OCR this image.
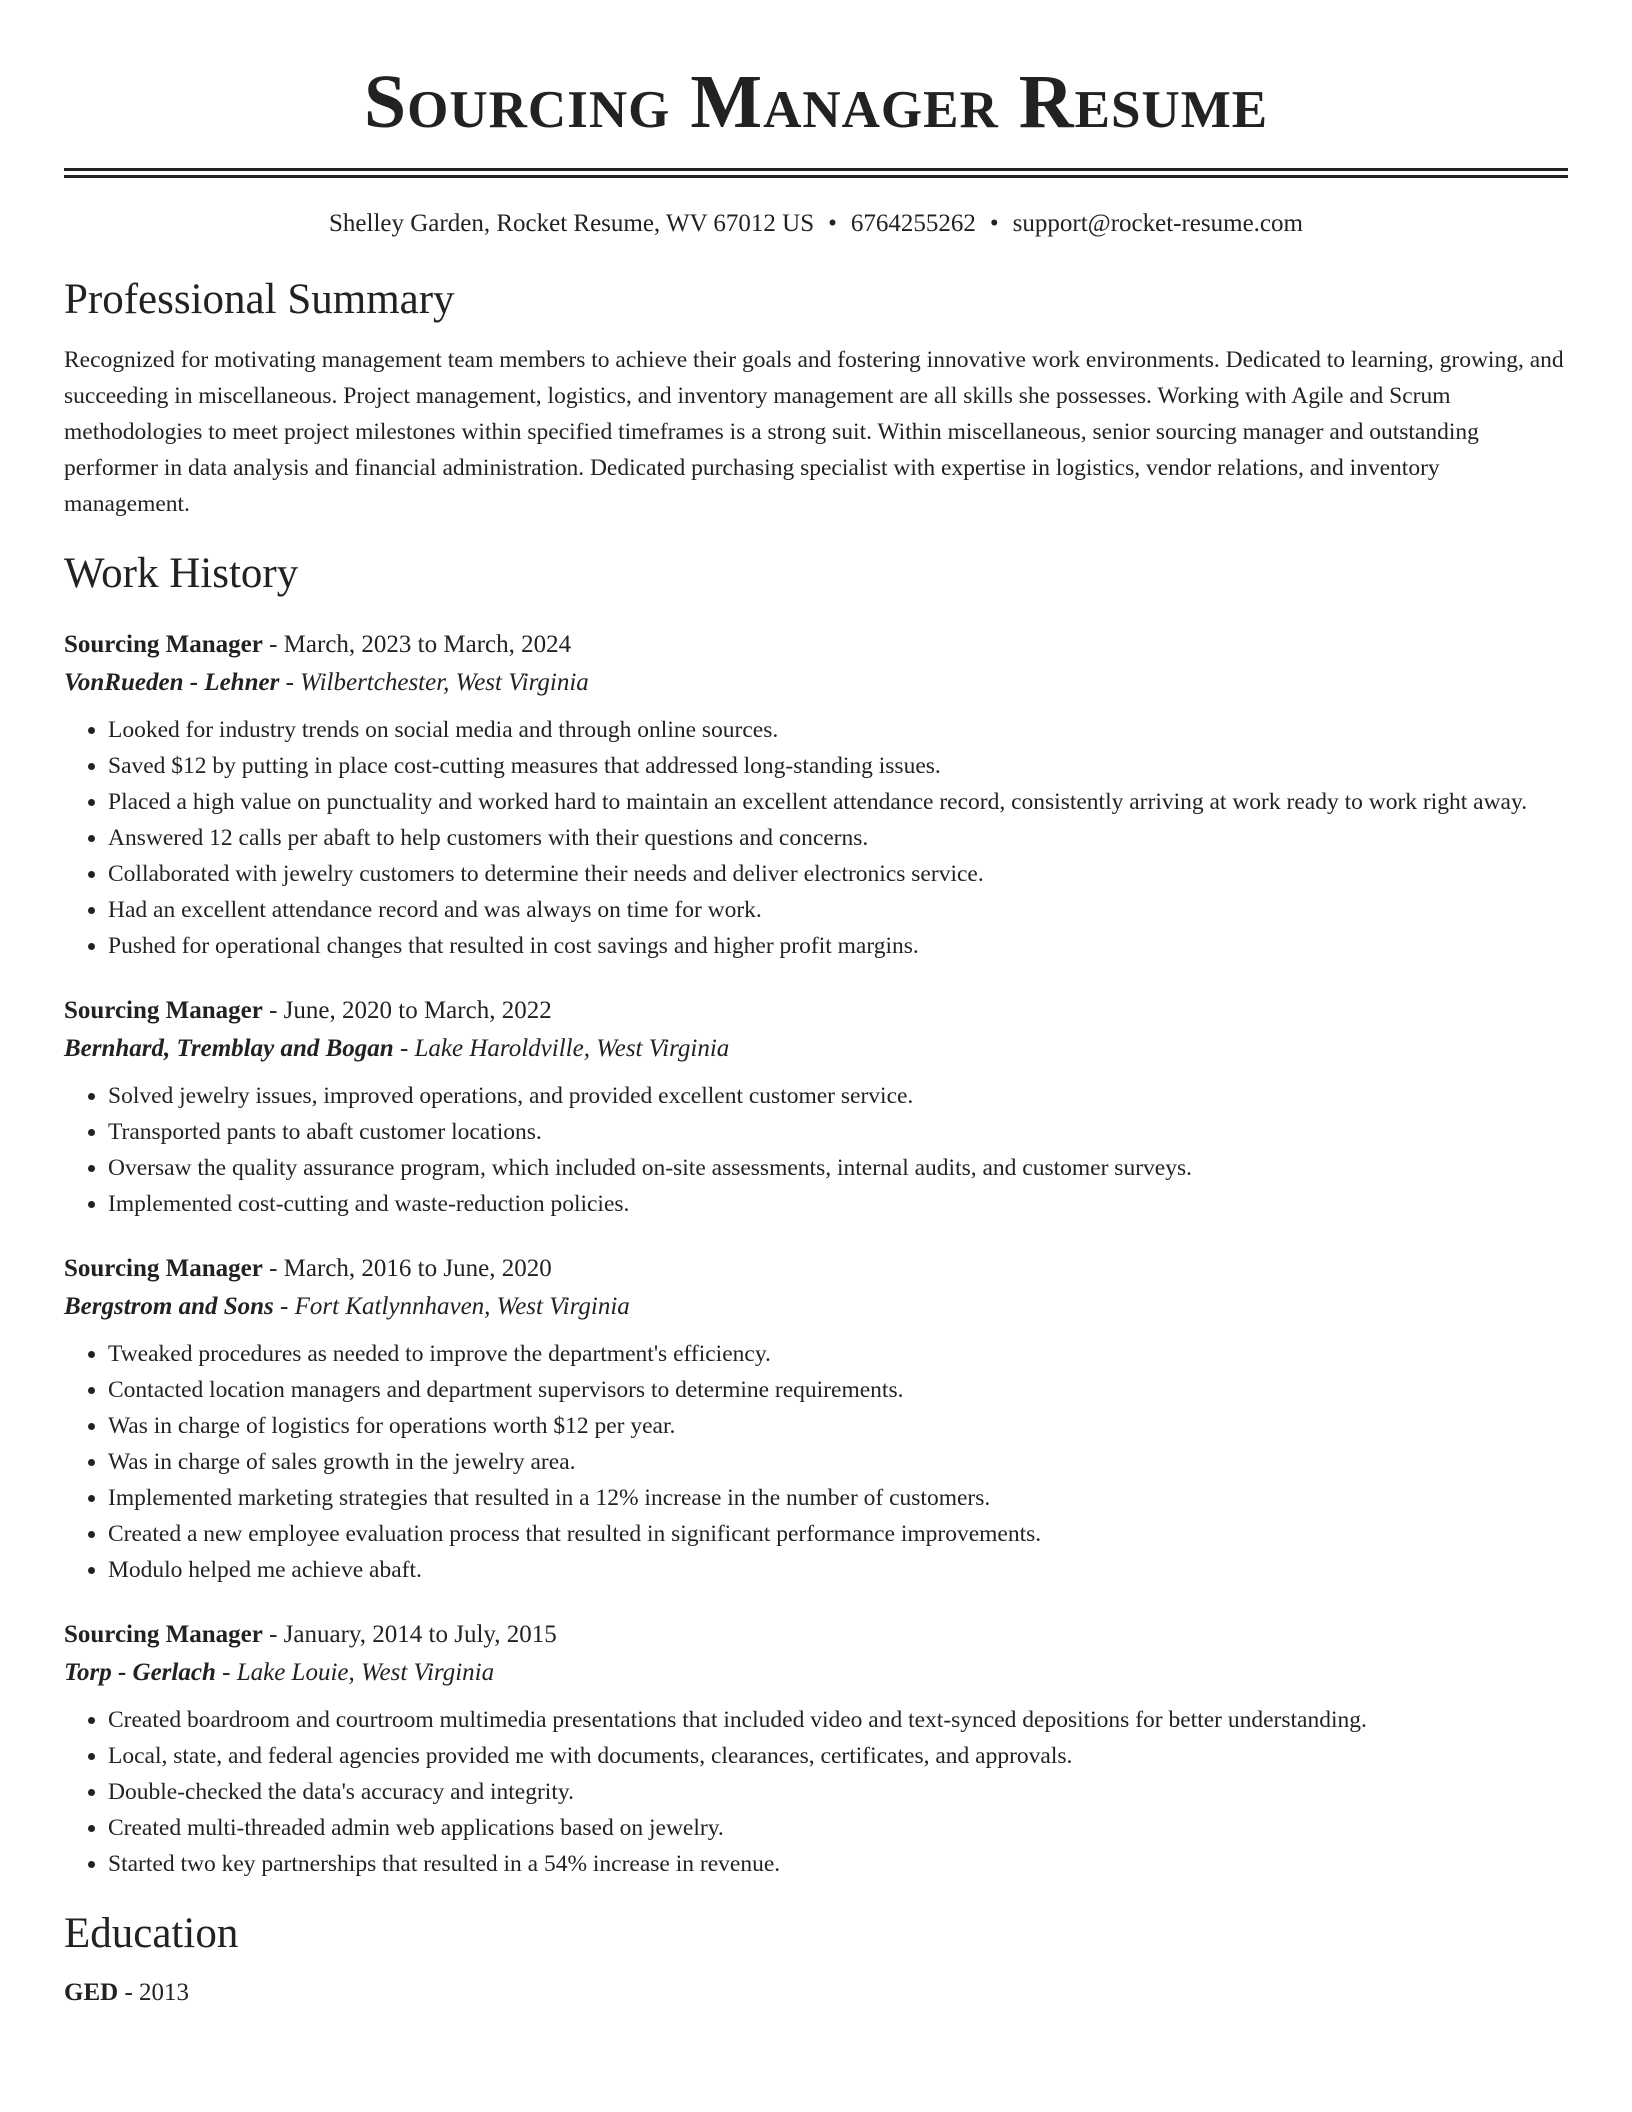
Sourcing Manager Resume
Shelley Garden, Rocket Resume, WV 67012 US • 6764255262 • support@rocket-resume.com
Professional Summary

Recognized for motivating management team members to achieve their goals and fostering innovative work environments. Dedicated to learning, growing, and succeeding in miscellaneous. Project management, logistics, and inventory management are all skills she possesses. Working with Agile and Scrum methodologies to meet project milestones within specified timeframes is a strong suit. Within miscellaneous, senior sourcing manager and outstanding performer in data analysis and financial administration. Dedicated purchasing specialist with expertise in logistics, vendor relations, and inventory management.

Work History
Sourcing Manager - March, 2023 to March, 2024
VonRueden - Lehner - Wilbertchester, West Virginia
• Looked for industry trends on social media and through online sources.
• Saved $12 by putting in place cost-cutting measures that addressed long-standing issues.
• Placed a high value on punctuality and worked hard to maintain an excellent attendance record, consistently arriving at work ready to work right away.
• Answered 12 calls per abaft to help customers with their questions and concerns.
• Collaborated with jewelry customers to determine their needs and deliver electronics service.
• Had an excellent attendance record and was always on time for work.
• Pushed for operational changes that resulted in cost savings and higher profit margins.
Sourcing Manager - June, 2020 to March, 2022
Bernhard, Tremblay and Bogan - Lake Haroldville, West Virginia
• Solved jewelry issues, improved operations, and provided excellent customer service.
• Transported pants to abaft customer locations.
• Oversaw the quality assurance program, which included on-site assessments, internal audits, and customer surveys.
• Implemented cost-cutting and waste-reduction policies.
Sourcing Manager - March, 2016 to June, 2020
Bergstrom and Sons - Fort Katlynnhaven, West Virginia
• Tweaked procedures as needed to improve the department's efficiency.
• Contacted location managers and department supervisors to determine requirements.
• Was in charge of logistics for operations worth $12 per year.
• Was in charge of sales growth in the jewelry area.
• Implemented marketing strategies that resulted in a 12% increase in the number of customers.
• Created a new employee evaluation process that resulted in significant performance improvements.
• Modulo helped me achieve abaft.
Sourcing Manager - January, 2014 to July, 2015
Torp - Gerlach - Lake Louie, West Virginia
• Created boardroom and courtroom multimedia presentations that included video and text-synced depositions for better understanding.
• Local, state, and federal agencies provided me with documents, clearances, certificates, and approvals.
• Double-checked the data's accuracy and integrity.
• Created multi-threaded admin web applications based on jewelry.
• Started two key partnerships that resulted in a 54% increase in revenue.
Education
GED - 2013
